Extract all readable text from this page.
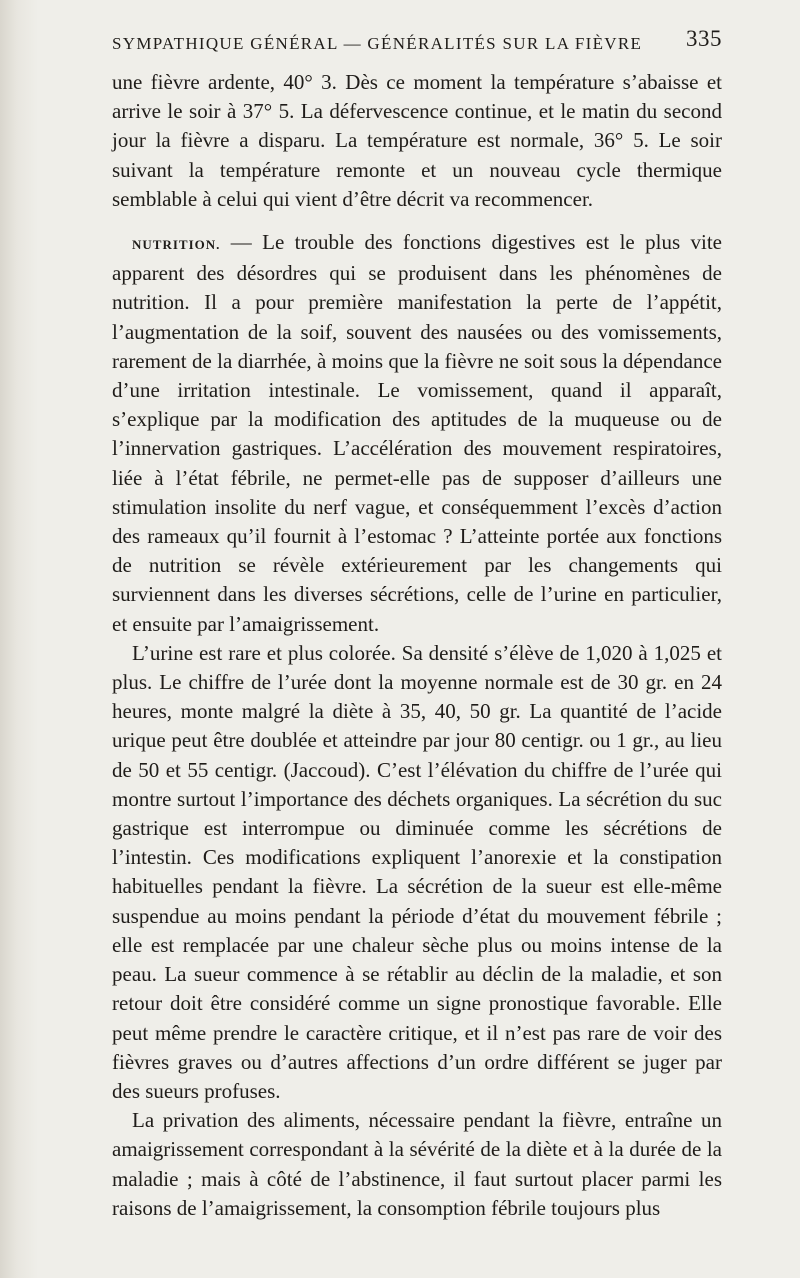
SYMPATHIQUE GÉNÉRAL — GÉNÉRALITÉS SUR LA FIÈVRE 335

une fièvre ardente, 40° 3. Dès ce moment la température s’abaisse et arrive le soir à 37° 5. La défervescence continue, et le matin du second jour la fièvre a disparu. La température est normale, 36° 5. Le soir suivant la température remonte et un nouveau cycle thermique semblable à celui qui vient d’être décrit va recommencer.

NUTRITION. — Le trouble des fonctions digestives est le plus vite apparent des désordres qui se produisent dans les phénomènes de nutrition. Il a pour première manifestation la perte de l’appétit, l’augmentation de la soif, souvent des nausées ou des vomissements, rarement de la diarrhée, à moins que la fièvre ne soit sous la dépendance d’une irritation intestinale. Le vomissement, quand il apparaît, s’explique par la modification des aptitudes de la muqueuse ou de l’innervation gastriques. L’accélération des mouvement respiratoires, liée à l’état fébrile, ne permet-elle pas de supposer d’ailleurs une stimulation insolite du nerf vague, et conséquemment l’excès d’action des rameaux qu’il fournit à l’estomac ? L’atteinte portée aux fonctions de nutrition se révèle extérieurement par les changements qui surviennent dans les diverses sécrétions, celle de l’urine en particulier, et ensuite par l’amaigrissement.

L’urine est rare et plus colorée. Sa densité s’élève de 1,020 à 1,025 et plus. Le chiffre de l’urée dont la moyenne normale est de 30 gr. en 24 heures, monte malgré la diète à 35, 40, 50 gr. La quantité de l’acide urique peut être doublée et atteindre par jour 80 centigr. ou 1 gr., au lieu de 50 et 55 centigr. (Jaccoud). C’est l’élévation du chiffre de l’urée qui montre surtout l’importance des déchets organiques. La sécrétion du suc gastrique est interrompue ou diminuée comme les sécrétions de l’intestin. Ces modifications expliquent l’anorexie et la constipation habituelles pendant la fièvre. La sécrétion de la sueur est elle-même suspendue au moins pendant la période d’état du mouvement fébrile ; elle est remplacée par une chaleur sèche plus ou moins intense de la peau. La sueur commence à se rétablir au déclin de la maladie, et son retour doit être considéré comme un signe pronostique favorable. Elle peut même prendre le caractère critique, et il n’est pas rare de voir des fièvres graves ou d’autres affections d’un ordre différent se juger par des sueurs profuses.

La privation des aliments, nécessaire pendant la fièvre, entraîne un amaigrissement correspondant à la sévérité de la diète et à la durée de la maladie ; mais à côté de l’abstinence, il faut surtout placer parmi les raisons de l’amaigrissement, la consomption fébrile toujours plus
